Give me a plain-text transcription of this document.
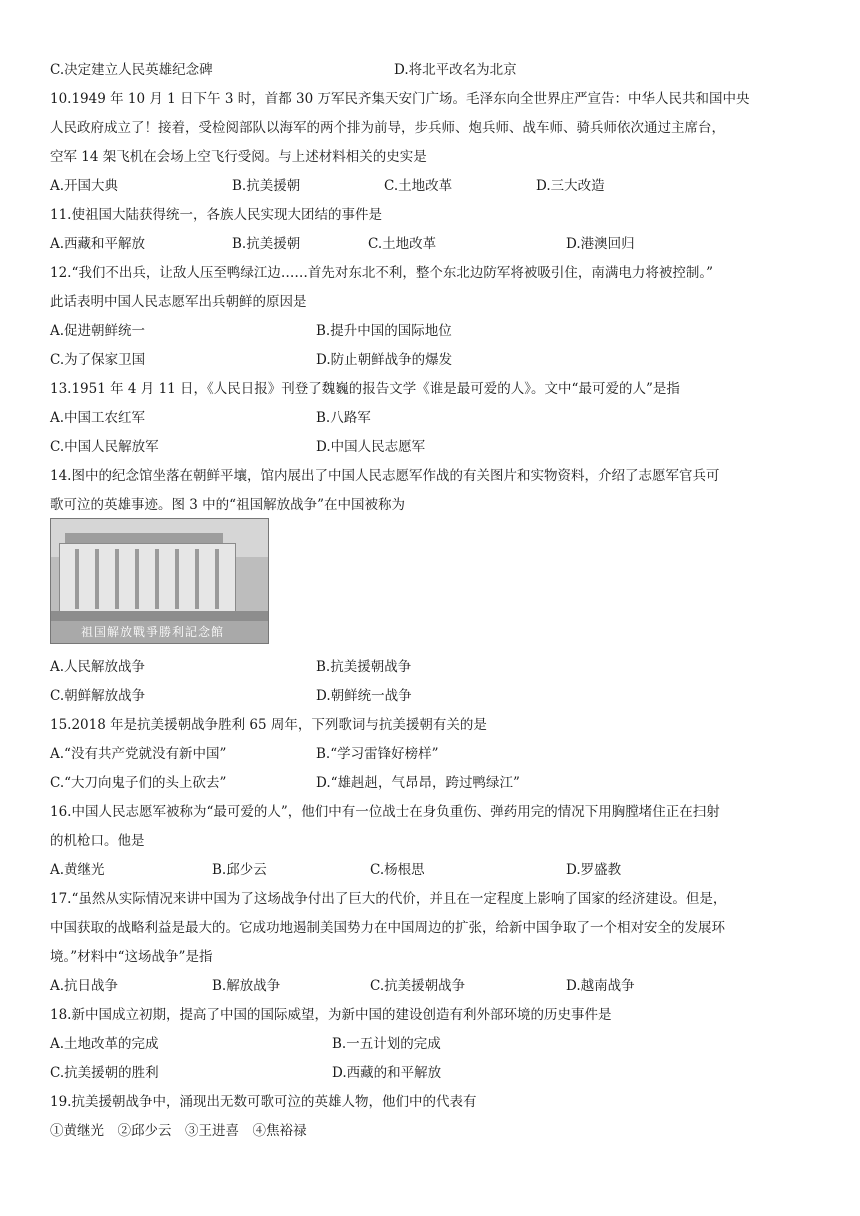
C.决定建立人民英雄纪念碑	D.将北平改名为北京
10.1949 年 10 月 1 日下午 3 时，首都 30 万军民齐集天安门广场。毛泽东向全世界庄严宣告：中华人民共和国中央
人民政府成立了！接着，受检阅部队以海军的两个排为前导，步兵师、炮兵师、战车师、骑兵师依次通过主席台，
空军 14 架飞机在会场上空飞行受阅。与上述材料相关的史实是
A.开国大典	B.抗美援朝	C.土地改革	D.三大改造
11.使祖国大陆获得统一，各族人民实现大团结的事件是
A.西藏和平解放	B.抗美援朝	C.土地改革	D.港澳回归
12.“我们不出兵，让敌人压至鸭绿江边……首先对东北不利，整个东北边防军将被吸引住，南满电力将被控制。”
此话表明中国人民志愿军出兵朝鲜的原因是
A.促进朝鲜统一	B.提升中国的国际地位
C.为了保家卫国	D.防止朝鲜战争的爆发
13.1951 年 4 月 11 日，《人民日报》刊登了魏巍的报告文学《谁是最可爱的人》。文中“最可爱的人”是指
A.中国工农红军	B.八路军
C.中国人民解放军	D.中国人民志愿军
14.图中的纪念馆坐落在朝鲜平壤，馆内展出了中国人民志愿军作战的有关图片和实物资料，介绍了志愿军官兵可
歌可泣的英雄事迹。图 3 中的“祖国解放战争”在中国被称为
祖国解放戰爭勝利記念館
A.人民解放战争	B.抗美援朝战争
C.朝鲜解放战争	D.朝鲜统一战争
15.2018 年是抗美援朝战争胜利 65 周年，下列歌词与抗美援朝有关的是
A.“没有共产党就没有新中国”	B.“学习雷锋好榜样”
C.“大刀向鬼子们的头上砍去”	D.“雄赳赳，气昂昂，跨过鸭绿江”
16.中国人民志愿军被称为“最可爱的人”，他们中有一位战士在身负重伤、弹药用完的情况下用胸膛堵住正在扫射
的机枪口。他是
A.黄继光	B.邱少云	C.杨根思	D.罗盛教
17.“虽然从实际情况来讲中国为了这场战争付出了巨大的代价，并且在一定程度上影响了国家的经济建设。但是，
中国获取的战略利益是最大的。它成功地遏制美国势力在中国周边的扩张，给新中国争取了一个相对安全的发展环
境。”材料中“这场战争”是指
A.抗日战争	B.解放战争	C.抗美援朝战争	D.越南战争
18.新中国成立初期，提高了中国的国际威望，为新中国的建设创造有利外部环境的历史事件是
A.土地改革的完成	B.一五计划的完成
C.抗美援朝的胜利	D.西藏的和平解放
19.抗美援朝战争中，涌现出无数可歌可泣的英雄人物，他们中的代表有
①黄继光　②邱少云　③王进喜　④焦裕禄
